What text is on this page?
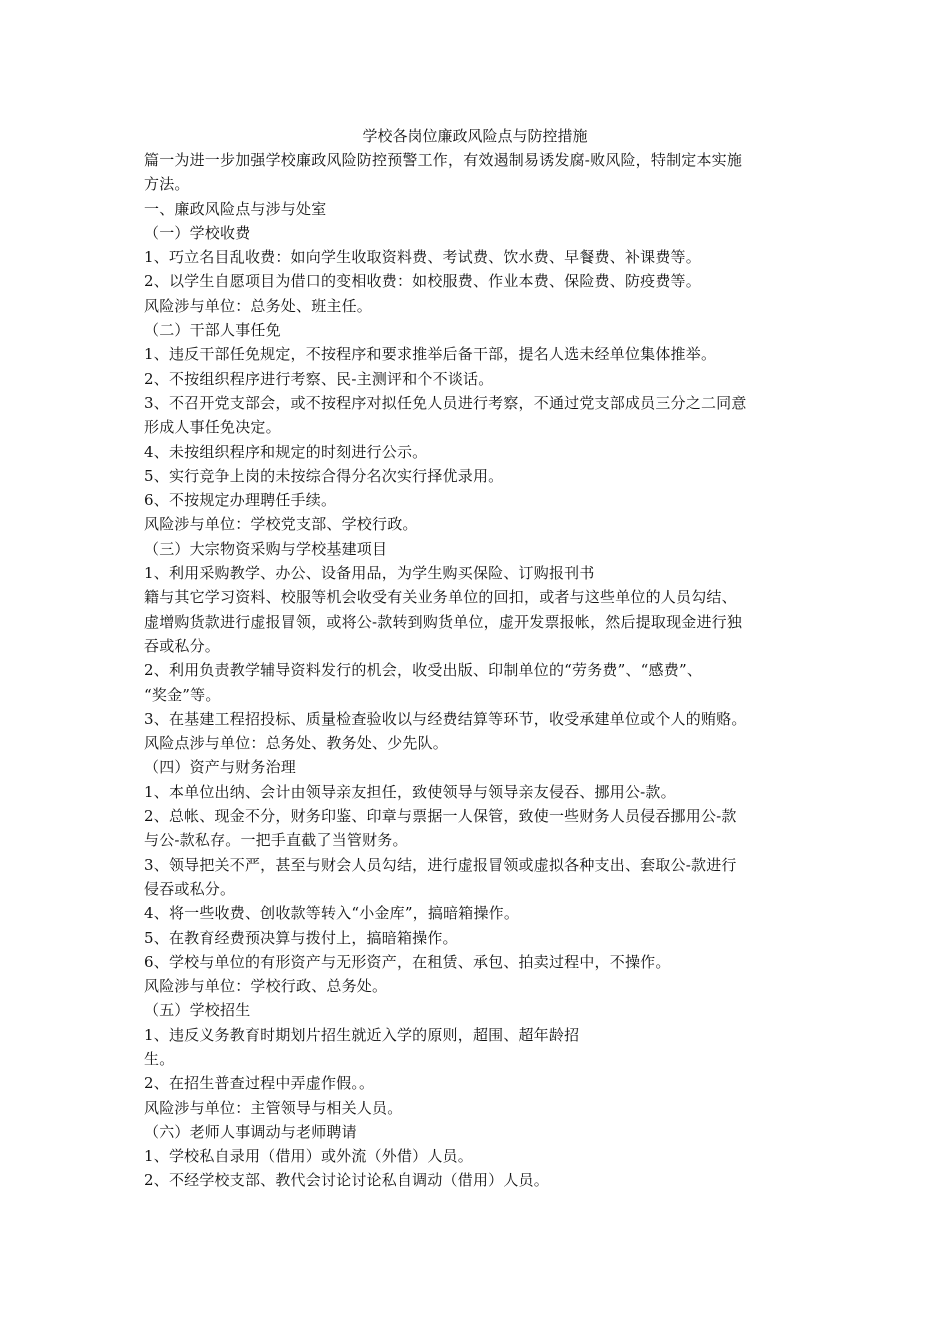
学校各岗位廉政风险点与防控措施

篇一为进一步加强学校廉政风险防控预警工作，有效遏制易诱发腐-败风险，特制定本实施

方法。

一、廉政风险点与涉与处室

（一）学校收费

1、巧立名目乱收费：如向学生收取资料费、考试费、饮水费、早餐费、补课费等。

2、以学生自愿项目为借口的变相收费：如校服费、作业本费、保险费、防疫费等。

风险涉与单位：总务处、班主任。

（二）干部人事任免

1、违反干部任免规定，不按程序和要求推举后备干部，提名人选未经单位集体推举。

2、不按组织程序进行考察、民-主测评和个不谈话。

3、不召开党支部会，或不按程序对拟任免人员进行考察，不通过党支部成员三分之二同意

形成人事任免决定。

4、未按组织程序和规定的时刻进行公示。

5、实行竞争上岗的未按综合得分名次实行择优录用。

6、不按规定办理聘任手续。

风险涉与单位：学校党支部、学校行政。

（三）大宗物资采购与学校基建项目

1、利用采购教学、办公、设备用品，为学生购买保险、订购报刊书

籍与其它学习资料、校服等机会收受有关业务单位的回扣，或者与这些单位的人员勾结、

虚增购货款进行虚报冒领，或将公-款转到购货单位，虚开发票报帐，然后提取现金进行独

吞或私分。

2、利用负责教学辅导资料发行的机会，收受出版、印制单位的“劳务费”、“感费”、

“奖金”等。

3、在基建工程招投标、质量检查验收以与经费结算等环节，收受承建单位或个人的贿赂。

风险点涉与单位：总务处、教务处、少先队。

（四）资产与财务治理

1、本单位出纳、会计由领导亲友担任，致使领导与领导亲友侵吞、挪用公-款。

2、总帐、现金不分，财务印鉴、印章与票据一人保管，致使一些财务人员侵吞挪用公-款

与公-款私存。一把手直截了当管财务。

3、领导把关不严，甚至与财会人员勾结，进行虚报冒领或虚拟各种支出、套取公-款进行

侵吞或私分。

4、将一些收费、创收款等转入“小金库”，搞暗箱操作。

5、在教育经费预决算与拨付上，搞暗箱操作。

6、学校与单位的有形资产与无形资产，在租赁、承包、拍卖过程中，不操作。

风险涉与单位：学校行政、总务处。

（五）学校招生

1、违反义务教育时期划片招生就近入学的原则，超围、超年龄招

生。

2、在招生普查过程中弄虚作假。。

风险涉与单位：主管领导与相关人员。

（六）老师人事调动与老师聘请

1、学校私自录用（借用）或外流（外借）人员。

2、不经学校支部、教代会讨论讨论私自调动（借用）人员。
